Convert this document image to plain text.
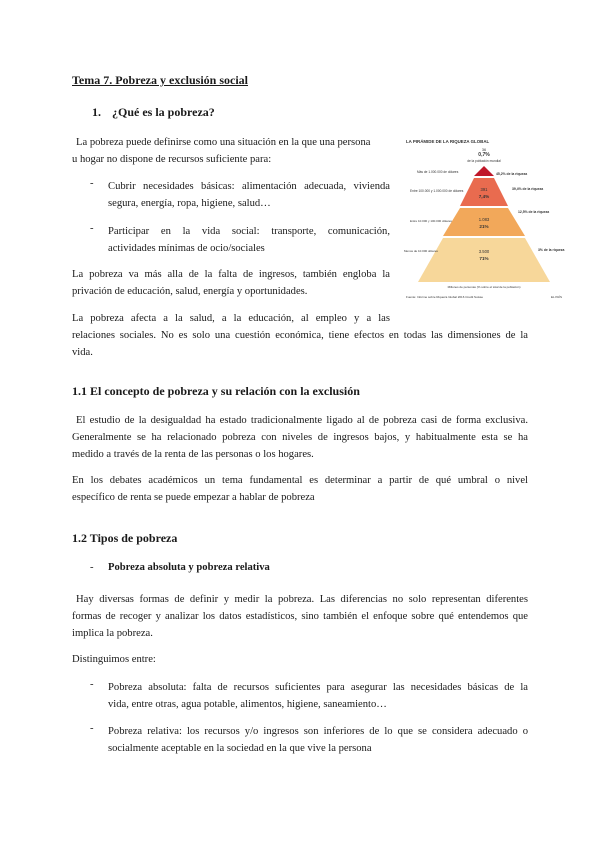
Tema 7. Pobreza y exclusión social
1. ¿Qué es la pobreza?
La pobreza puede definirse como una situación en la que una persona
u hogar no dispone de recursos suficiente para:
- Cubrir necesidades básicas: alimentación adecuada, vivienda
segura, energía, ropa, higiene, salud…
- Participar en la vida social: transporte, comunicación,
actividades mínimas de ocio/sociales
La pobreza va más alla de la falta de ingresos, también engloba la
privación de educación, salud, energía y oportunidades.
La pobreza afecta a la salud, a la educación, al empleo y a las
relaciones sociales. No es solo una cuestión económica, tiene efectos en todas las dimensiones de la
vida.
LA PIRÁMIDE DE LA RIQUEZA GLOBAL
36
de la población mundial
0,7%
391
7,4%
1.083
21%
3.500
71%
Más de 1.000.000 de dólares
Entre 100.000 y 1.000.000 de dólares
Entre 10.000 y 100.000 dólares
Menos de 10.000 dólares
45,2% de la riqueza
39,4% de la riqueza
12,5% de la riqueza
3% de la riqueza
Millones de personas (% sobre el total de la población)
Fuente: Informe sobre Riqueza Global 2016 Credit Suisse	EL PAÍS
1.1 El concepto de pobreza y su relación con la exclusión
El estudio de la desigualdad ha estado tradicionalmente ligado al de pobreza casi de forma exclusiva.
Generalmente se ha relacionado pobreza con niveles de ingresos bajos, y habitualmente esta se ha
medido a través de la renta de las personas o los hogares.
En los debates académicos un tema fundamental es determinar a partir de qué umbral o nivel
específico de renta se puede empezar a hablar de pobreza
1.2 Tipos de pobreza
- Pobreza absoluta y pobreza relativa
Hay diversas formas de definir y medir la pobreza. Las diferencias no solo representan diferentes
formas de recoger y analizar los datos estadísticos, sino también el enfoque sobre qué entendemos que
implica la pobreza.
Distinguimos entre:
- Pobreza absoluta: falta de recursos suficientes para asegurar las necesidades básicas de la
vida, entre otras, agua potable, alimentos, higiene, saneamiento…
- Pobreza relativa: los recursos y/o ingresos son inferiores de lo que se considera adecuado o
socialmente aceptable en la sociedad en la que vive la persona
